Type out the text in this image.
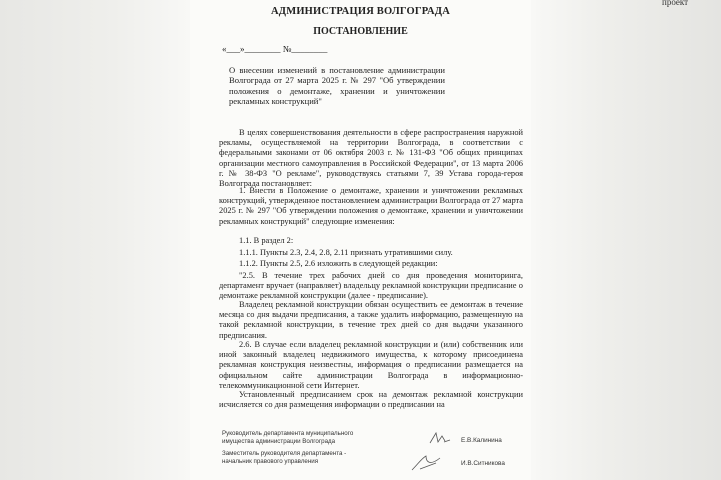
проект
АДМИНИСТРАЦИЯ ВОЛГОГРАДА
ПОСТАНОВЛЕНИЕ
«___»________ №________
О внесении изменений в постановление администрации Волгограда от 27 марта 2025 г. № 297 "Об утверждении положения о демонтаже, хранении и уничтожении рекламных конструкций"
В целях совершенствования деятельности в сфере распространения наружной рекламы, осуществляемой на территории Волгограда, в соответствии с федеральными законами от 06 октября 2003 г. № 131-ФЗ "Об общих принципах организации местного самоуправления в Российской Федерации", от 13 марта 2006 г. № 38-ФЗ "О рекламе", руководствуясь статьями 7, 39 Устава города-героя Волгограда постановляет:
1. Внести в Положение о демонтаже, хранении и уничтожении рекламных конструкций, утвержденное постановлением администрации Волгограда от 27 марта 2025 г. № 297 "Об утверждении положения о демонтаже, хранении и уничтожении рекламных конструкций" следующие изменения:
1.1. В раздел 2:
1.1.1. Пункты 2.3, 2.4, 2.8, 2.11 признать утратившими силу.
1.1.2. Пункты 2.5, 2.6 изложить в следующей редакции:
"2.5. В течение трех рабочих дней со дня проведения мониторинга, департамент вручает (направляет) владельцу рекламной конструкции предписание о демонтаже рекламной конструкции (далее - предписание).
Владелец рекламной конструкции обязан осуществить ее демонтаж в течение месяца со дня выдачи предписания, а также удалить информацию, размещенную на такой рекламной конструкции, в течение трех дней со дня выдачи указанного предписания.
2.6. В случае если владелец рекламной конструкции и (или) собственник или иной законный владелец недвижимого имущества, к которому присоединена рекламная конструкция неизвестны, информация о предписании размещается на официальном сайте администрации Волгограда в информационно-телекоммуникационной сети Интернет.
Установленный предписанием срок на демонтаж рекламной конструкции исчисляется со дня размещения информации о предписании на
Руководитель департамента муниципального имущества администрации Волгограда	Е.В.Калинина
Заместитель руководителя департамента - начальник правового управления	И.В.Ситникова
